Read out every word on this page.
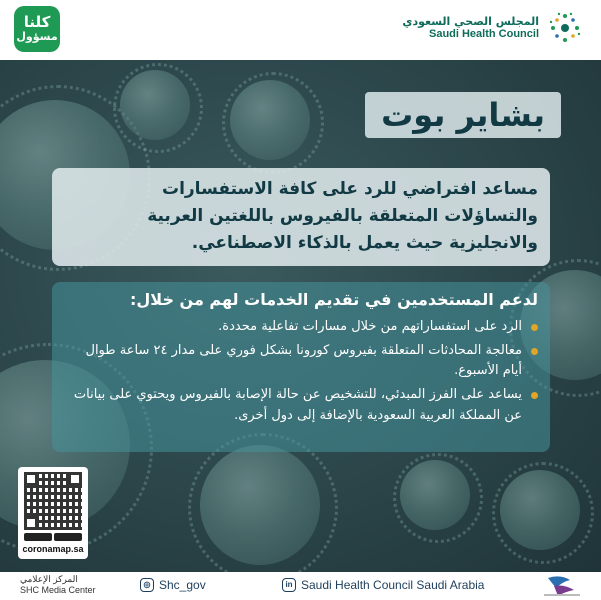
كلنا
مسؤول
المجلس الصحي السعودي
Saudi Health Council
بشاير بوت
مساعد افتراضي للرد على كافة الاستفسارات والتساؤلات المتعلقة بالفيروس باللغتين العربية والانجليزية حيث يعمل بالذكاء الاصطناعي.
لدعم المستخدمين في تقديم الخدمات لهم من خلال:
الرد على استفساراتهم من خلال مسارات تفاعلية محددة.
معالجة المحادثات المتعلقة بفيروس كورونا بشكل فوري على مدار ٢٤ ساعة طوال أيام الأسبوع.
يساعد على الفرز المبدئي، للتشخيص عن حالة الإصابة بالفيروس ويحتوي على بيانات عن المملكة العربية السعودية بالإضافة إلى دول أخرى.
coronamap.sa
المركز الإعلامي
SHC Media Center
◎ Shc_gov	in Saudi Health Council Saudi Arabia
